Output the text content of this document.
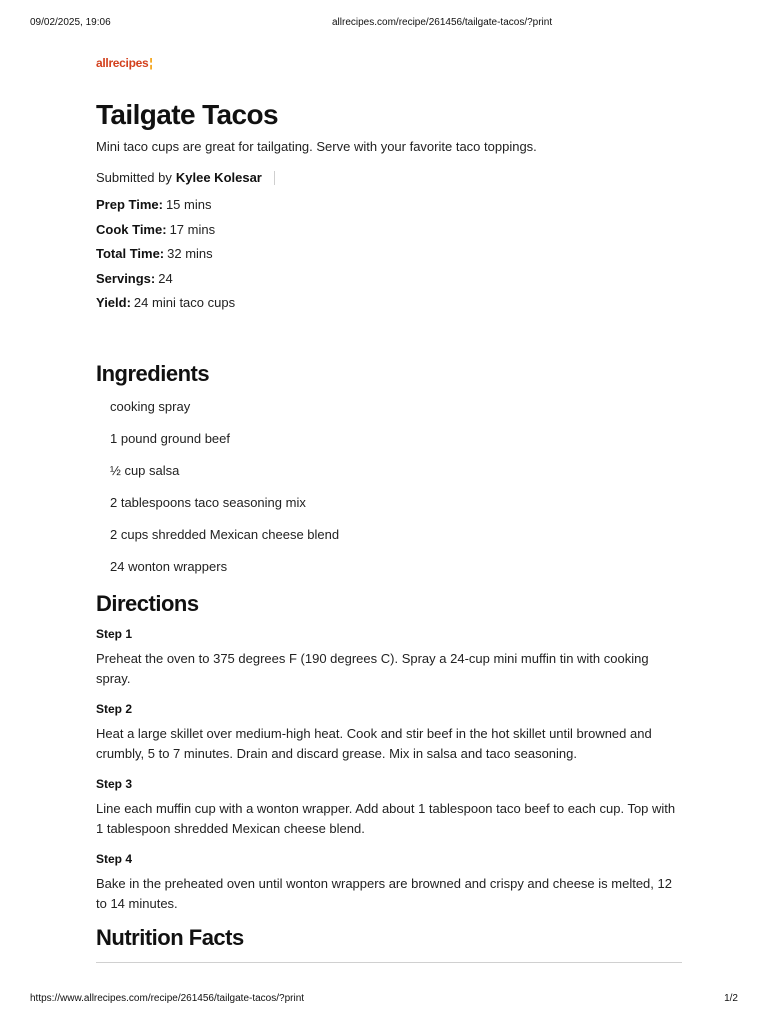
09/02/2025, 19:06	allrecipes.com/recipe/261456/tailgate-tacos/?print
allrecipes¦
Tailgate Tacos

Mini taco cups are great for tailgating. Serve with your favorite taco toppings.

Submitted by Kylee Kolesar
Prep Time: 15 mins
Cook Time: 17 mins
Total Time: 32 mins
Servings: 24
Yield: 24 mini taco cups
Ingredients
cooking spray
1 pound ground beef
½ cup salsa
2 tablespoons taco seasoning mix
2 cups shredded Mexican cheese blend
24 wonton wrappers
Directions

Step 1

Preheat the oven to 375 degrees F (190 degrees C). Spray a 24-cup mini muffin tin with cooking spray.

Step 2

Heat a large skillet over medium-high heat. Cook and stir beef in the hot skillet until browned and crumbly, 5 to 7 minutes. Drain and discard grease. Mix in salsa and taco seasoning.

Step 3

Line each muffin cup with a wonton wrapper. Add about 1 tablespoon taco beef to each cup. Top with 1 tablespoon shredded Mexican cheese blend.

Step 4

Bake in the preheated oven until wonton wrappers are browned and crispy and cheese is melted, 12 to 14 minutes.

Nutrition Facts
https://www.allrecipes.com/recipe/261456/tailgate-tacos/?print	1/2
